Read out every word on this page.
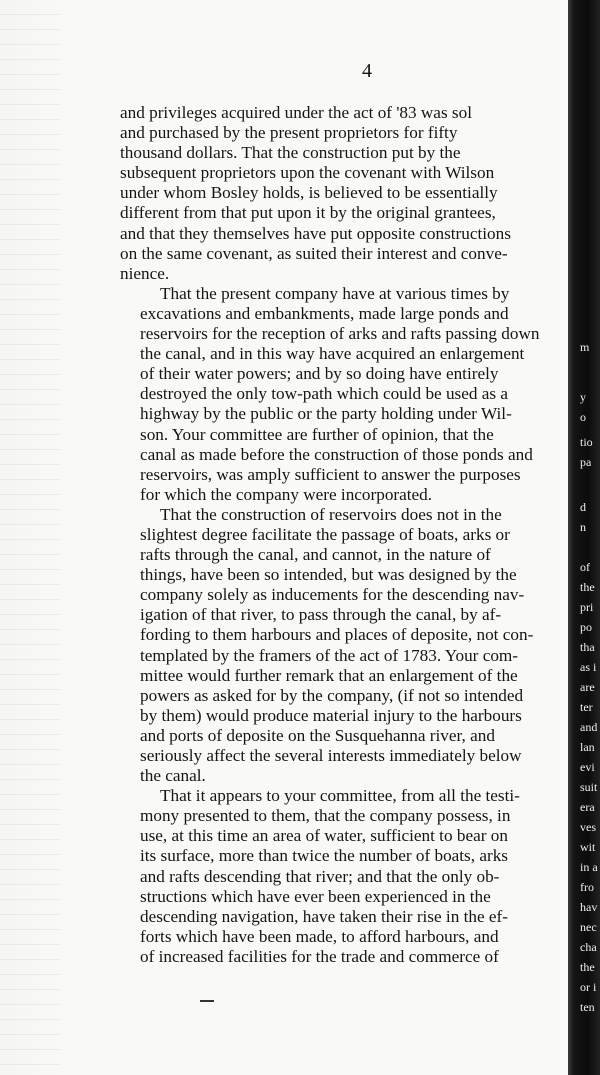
4

and privileges acquired under the act of '83 was sol
and purchased by the present proprietors for fifty
thousand dollars. That the construction put by the
subsequent proprietors upon the covenant with Wilson
under whom Bosley holds, is believed to be essentially
different from that put upon it by the original grantees,
and that they themselves have put opposite constructions
on the same covenant, as suited their interest and conve-
nience.

That the present company have at various times by
excavations and embankments, made large ponds and
reservoirs for the reception of arks and rafts passing down
the canal, and in this way have acquired an enlargement
of their water powers; and by so doing have entirely
destroyed the only tow-path which could be used as a
highway by the public or the party holding under Wil-
son. Your committee are further of opinion, that the
canal as made before the construction of those ponds and
reservoirs, was amply sufficient to answer the purposes
for which the company were incorporated.

That the construction of reservoirs does not in the
slightest degree facilitate the passage of boats, arks or
rafts through the canal, and cannot, in the nature of
things, have been so intended, but was designed by the
company solely as inducements for the descending nav-
igation of that river, to pass through the canal, by af-
fording to them harbours and places of deposite, not con-
templated by the framers of the act of 1783. Your com-
mittee would further remark that an enlargement of the
powers as asked for by the company, (if not so intended
by them) would produce material injury to the harbours
and ports of deposite on the Susquehanna river, and
seriously affect the several interests immediately below
the canal.

That it appears to your committee, from all the testi-
mony presented to them, that the company possess, in
use, at this time an area of water, sufficient to bear on
its surface, more than twice the number of boats, arks
and rafts descending that river; and that the only ob-
structions which have ever been experienced in the
descending navigation, have taken their rise in the ef-
forts which have been made, to afford harbours, and
of increased facilities for the trade and commerce of

m
y
o
tio
pa
d
n
of
the
pri
po
tha
as i
are
ter
and
lan
evi
suit
era
ves
wit
in a
fro
hav
nec
cha
the
or i
ten
